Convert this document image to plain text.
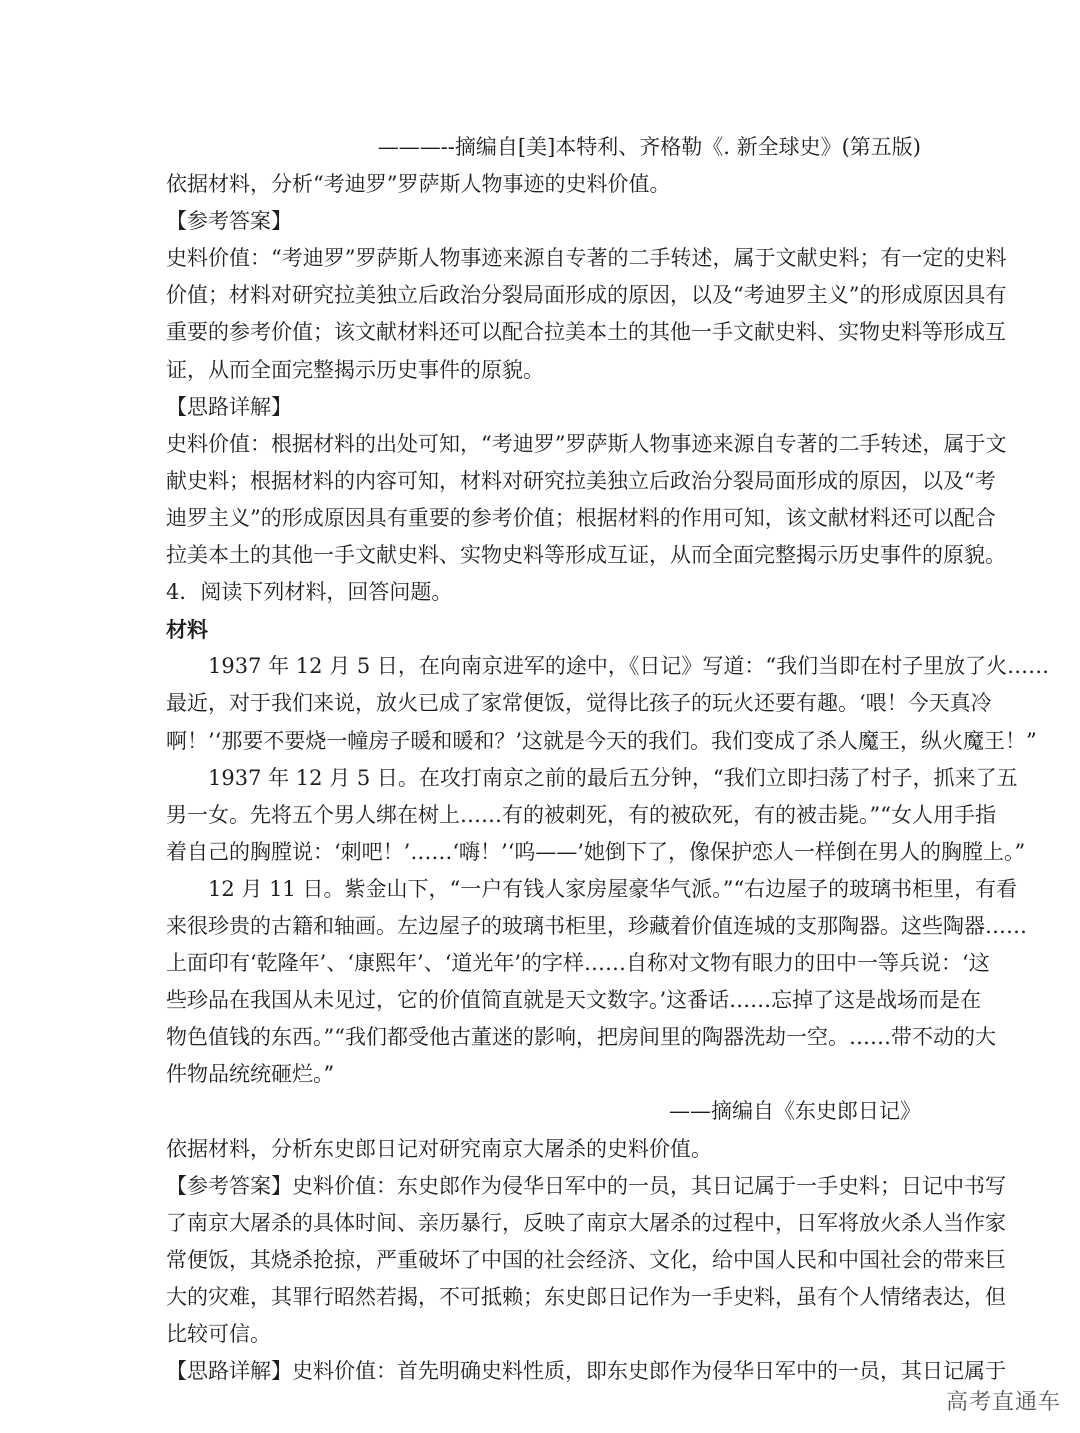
———--摘编自[美]本特利、齐格勒《. 新全球史》(第五版)
依据材料，分析“考迪罗”罗萨斯人物事迹的史料价值。
【参考答案】
史料价值：“考迪罗”罗萨斯人物事迹来源自专著的二手转述，属于文献史料；有一定的史料
价值；材料对研究拉美独立后政治分裂局面形成的原因，以及“考迪罗主义”的形成原因具有
重要的参考价值；该文献材料还可以配合拉美本土的其他一手文献史料、实物史料等形成互
证，从而全面完整揭示历史事件的原貌。
【思路详解】
史料价值：根据材料的出处可知，“考迪罗”罗萨斯人物事迹来源自专著的二手转述，属于文
献史料；根据材料的内容可知，材料对研究拉美独立后政治分裂局面形成的原因，以及“考
迪罗主义”的形成原因具有重要的参考价值；根据材料的作用可知，该文献材料还可以配合
拉美本土的其他一手文献史料、实物史料等形成互证，从而全面完整揭示历史事件的原貌。
4．阅读下列材料，回答问题。
材料
1937 年 12 月 5 日，在向南京进军的途中，《日记》写道：“我们当即在村子里放了火……
最近，对于我们来说，放火已成了家常便饭，觉得比孩子的玩火还要有趣。‘喂！今天真冷
啊！’‘那要不要烧一幢房子暖和暖和？’这就是今天的我们。我们变成了杀人魔王，纵火魔王！”
1937 年 12 月 5 日。在攻打南京之前的最后五分钟，“我们立即扫荡了村子，抓来了五
男一女。先将五个男人绑在树上……有的被刺死，有的被砍死，有的被击毙。”“女人用手指
着自己的胸膛说：‘刺吧！’……‘嗨！’‘呜——’她倒下了，像保护恋人一样倒在男人的胸膛上。”
12 月 11 日。紫金山下，“一户有钱人家房屋豪华气派。”“右边屋子的玻璃书柜里，有看
来很珍贵的古籍和轴画。左边屋子的玻璃书柜里，珍藏着价值连城的支那陶器。这些陶器……
上面印有‘乾隆年’、‘康熙年’、‘道光年’的字样……自称对文物有眼力的田中一等兵说：‘这
些珍品在我国从未见过，它的价值简直就是天文数字。’这番话……忘掉了这是战场而是在
物色值钱的东西。”“我们都受他古董迷的影响，把房间里的陶器洗劫一空。……带不动的大
件物品统统砸烂。”
——摘编自《东史郎日记》
依据材料，分析东史郎日记对研究南京大屠杀的史料价值。
【参考答案】史料价值：东史郎作为侵华日军中的一员，其日记属于一手史料；日记中书写
了南京大屠杀的具体时间、亲历暴行，反映了南京大屠杀的过程中，日军将放火杀人当作家
常便饭，其烧杀抢掠，严重破坏了中国的社会经济、文化，给中国人民和中国社会的带来巨
大的灾难，其罪行昭然若揭，不可抵赖；东史郎日记作为一手史料，虽有个人情绪表达，但
比较可信。
【思路详解】史料价值：首先明确史料性质，即东史郎作为侵华日军中的一员，其日记属于
高考直通车
